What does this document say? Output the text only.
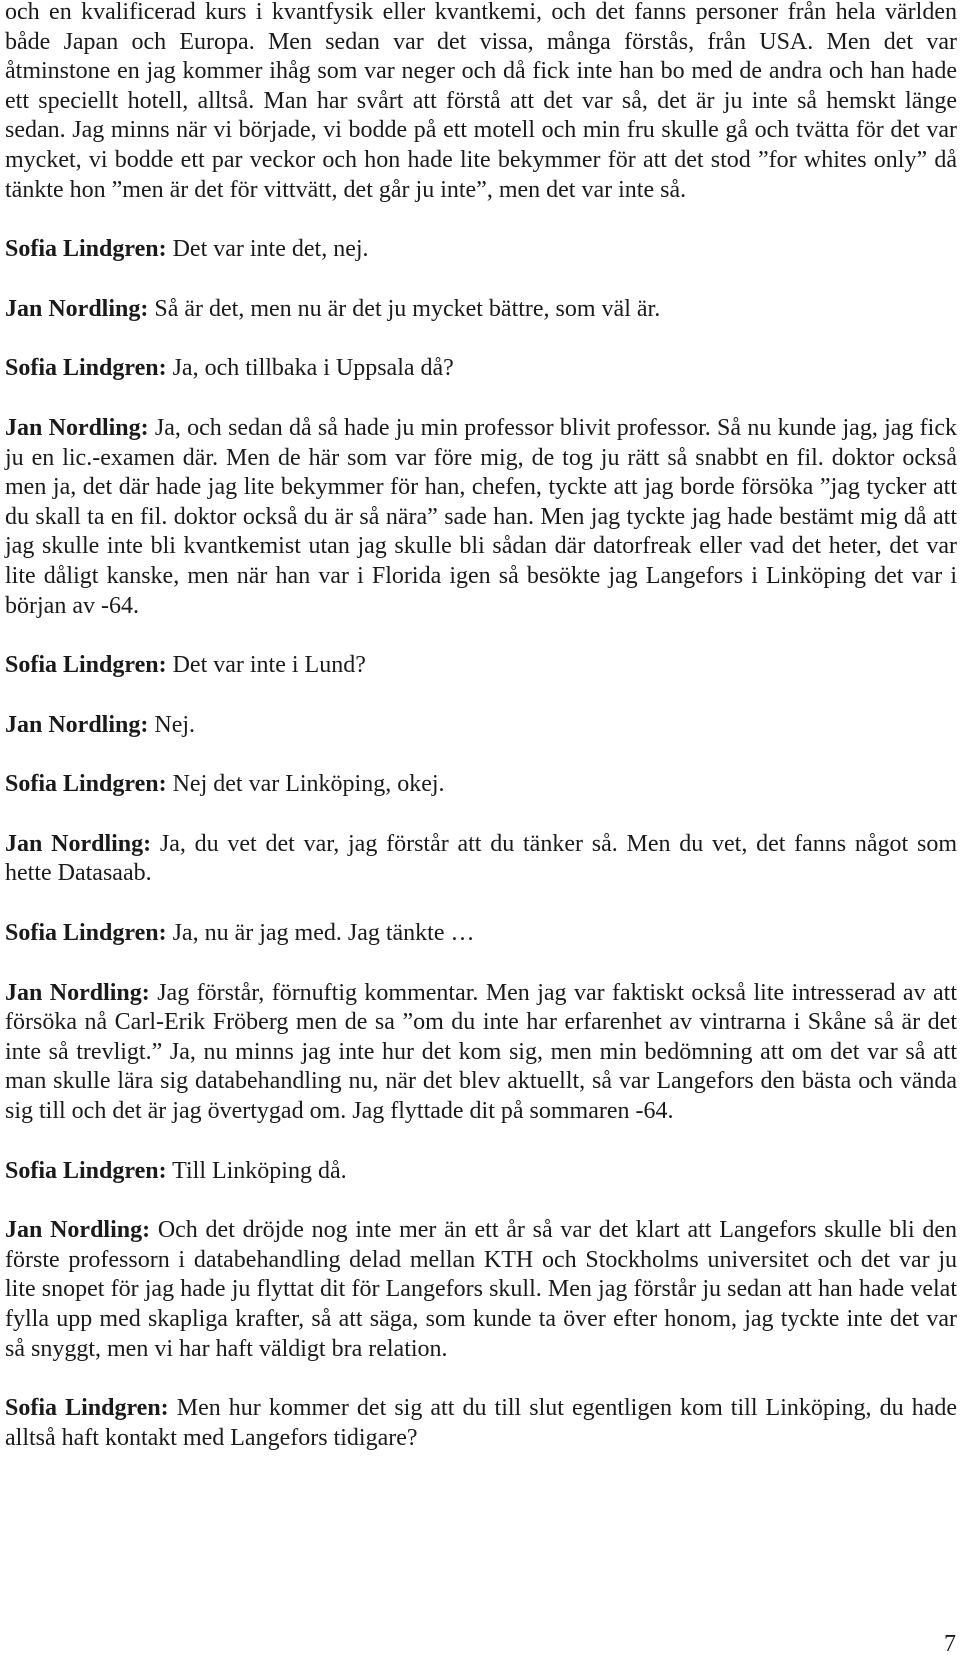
och en kvalificerad kurs i kvantfysik eller kvantkemi, och det fanns personer från hela världen både Japan och Europa. Men sedan var det vissa, många förstås, från USA. Men det var åtminstone en jag kommer ihåg som var neger och då fick inte han bo med de andra och han hade ett speciellt hotell, alltså. Man har svårt att förstå att det var så, det är ju inte så hemskt länge sedan. Jag minns när vi började, vi bodde på ett motell och min fru skulle gå och tvätta för det var mycket, vi bodde ett par veckor och hon hade lite bekymmer för att det stod ”for whites only” då tänkte hon ”men är det för vittvätt, det går ju inte”, men det var inte så.

Sofia Lindgren: Det var inte det, nej.

Jan Nordling: Så är det, men nu är det ju mycket bättre, som väl är.

Sofia Lindgren: Ja, och tillbaka i Uppsala då?

Jan Nordling: Ja, och sedan då så hade ju min professor blivit professor. Så nu kunde jag, jag fick ju en lic.-examen där. Men de här som var före mig, de tog ju rätt så snabbt en fil. doktor också men ja, det där hade jag lite bekymmer för han, chefen, tyckte att jag borde försöka ”jag tycker att du skall ta en fil. doktor också du är så nära” sade han. Men jag tyckte jag hade bestämt mig då att jag skulle inte bli kvantkemist utan jag skulle bli sådan där datorfreak eller vad det heter, det var lite dåligt kanske, men när han var i Florida igen så besökte jag Langefors i Linköping det var i början av -64.

Sofia Lindgren: Det var inte i Lund?

Jan Nordling: Nej.

Sofia Lindgren: Nej det var Linköping, okej.

Jan Nordling: Ja, du vet det var, jag förstår att du tänker så. Men du vet, det fanns något som hette Datasaab.

Sofia Lindgren: Ja, nu är jag med. Jag tänkte …

Jan Nordling: Jag förstår, förnuftig kommentar. Men jag var faktiskt också lite intresserad av att försöka nå Carl-Erik Fröberg men de sa ”om du inte har erfarenhet av vintrarna i Skåne så är det inte så trevligt.” Ja, nu minns jag inte hur det kom sig, men min bedömning att om det var så att man skulle lära sig databehandling nu, när det blev aktuellt, så var Langefors den bästa och vända sig till och det är jag övertygad om. Jag flyttade dit på sommaren -64.

Sofia Lindgren: Till Linköping då.

Jan Nordling: Och det dröjde nog inte mer än ett år så var det klart att Langefors skulle bli den förste professorn i databehandling delad mellan KTH och Stockholms universitet och det var ju lite snopet för jag hade ju flyttat dit för Langefors skull. Men jag förstår ju sedan att han hade velat fylla upp med skapliga krafter, så att säga, som kunde ta över efter honom, jag tyckte inte det var så snyggt, men vi har haft väldigt bra relation.

Sofia Lindgren: Men hur kommer det sig att du till slut egentligen kom till Linköping, du hade alltså haft kontakt med Langefors tidigare?

7
